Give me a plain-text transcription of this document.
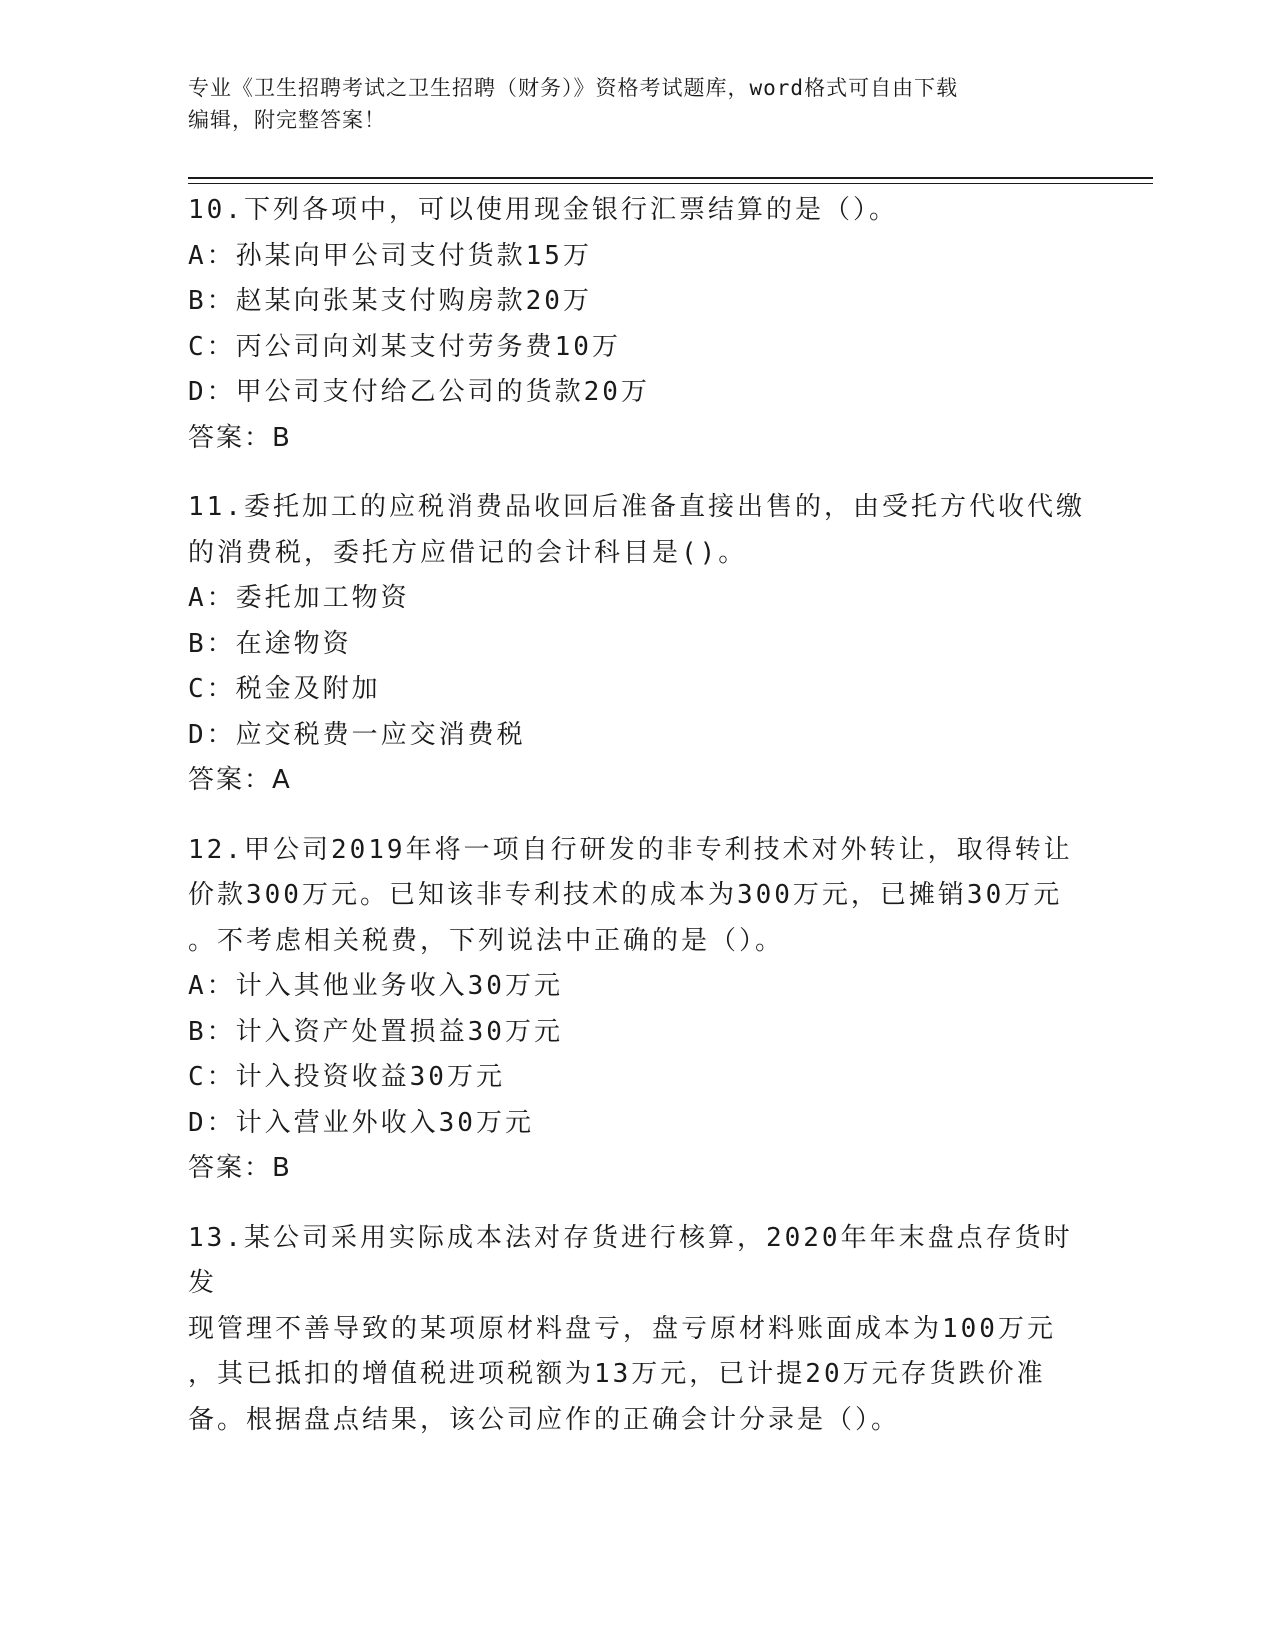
专业《卫生招聘考试之卫生招聘（财务）》资格考试题库，word格式可自由下载
编辑，附完整答案！

10.下列各项中，可以使用现金银行汇票结算的是（）。

A：孙某向甲公司支付货款15万

B：赵某向张某支付购房款20万

C：丙公司向刘某支付劳务费10万

D：甲公司支付给乙公司的货款20万

答案：B

11.委托加工的应税消费品收回后准备直接出售的，由受托方代收代缴

的消费税，委托方应借记的会计科目是()。

A：委托加工物资

B：在途物资

C：税金及附加

D：应交税费一应交消费税

答案：A

12.甲公司2019年将一项自行研发的非专利技术对外转让，取得转让

价款300万元。已知该非专利技术的成本为300万元，已摊销30万元

。不考虑相关税费，下列说法中正确的是（）。

A：计入其他业务收入30万元

B：计入资产处置损益30万元

C：计入投资收益30万元

D：计入营业外收入30万元

答案：B

13.某公司采用实际成本法对存货进行核算，2020年年末盘点存货时发

现管理不善导致的某项原材料盘亏，盘亏原材料账面成本为100万元

，其已抵扣的增值税进项税额为13万元，已计提20万元存货跌价准

备。根据盘点结果，该公司应作的正确会计分录是（）。
